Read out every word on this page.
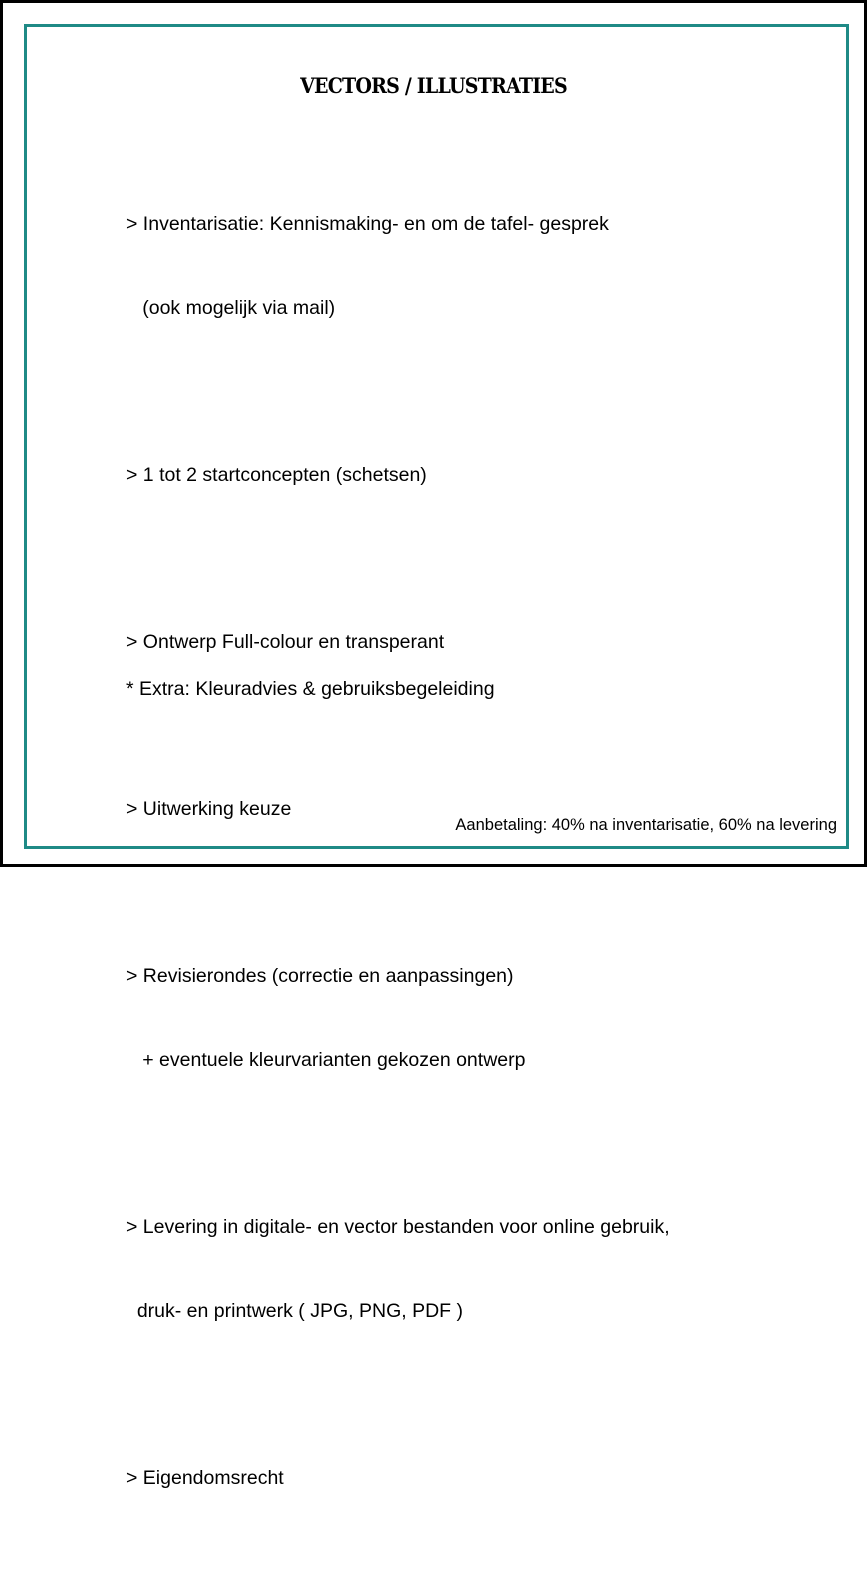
VECTORS / ILLUSTRATIES

> Inventarisatie: Kennismaking- en om de tafel- gesprek

(ook mogelijk via mail)

> 1 tot 2 startconcepten (schetsen)

> Ontwerp Full-colour en transperant

> Uitwerking keuze

> Revisierondes (correctie en aanpassingen)

+ eventuele kleurvarianten gekozen ontwerp

> Levering in digitale- en vector bestanden voor online gebruik,

druk- en printwerk ( JPG, PNG, PDF )

> Eigendomsrecht

* Extra: Kleuradvies & gebruiksbegeleiding
Aanbetaling: 40% na inventarisatie, 60% na levering
